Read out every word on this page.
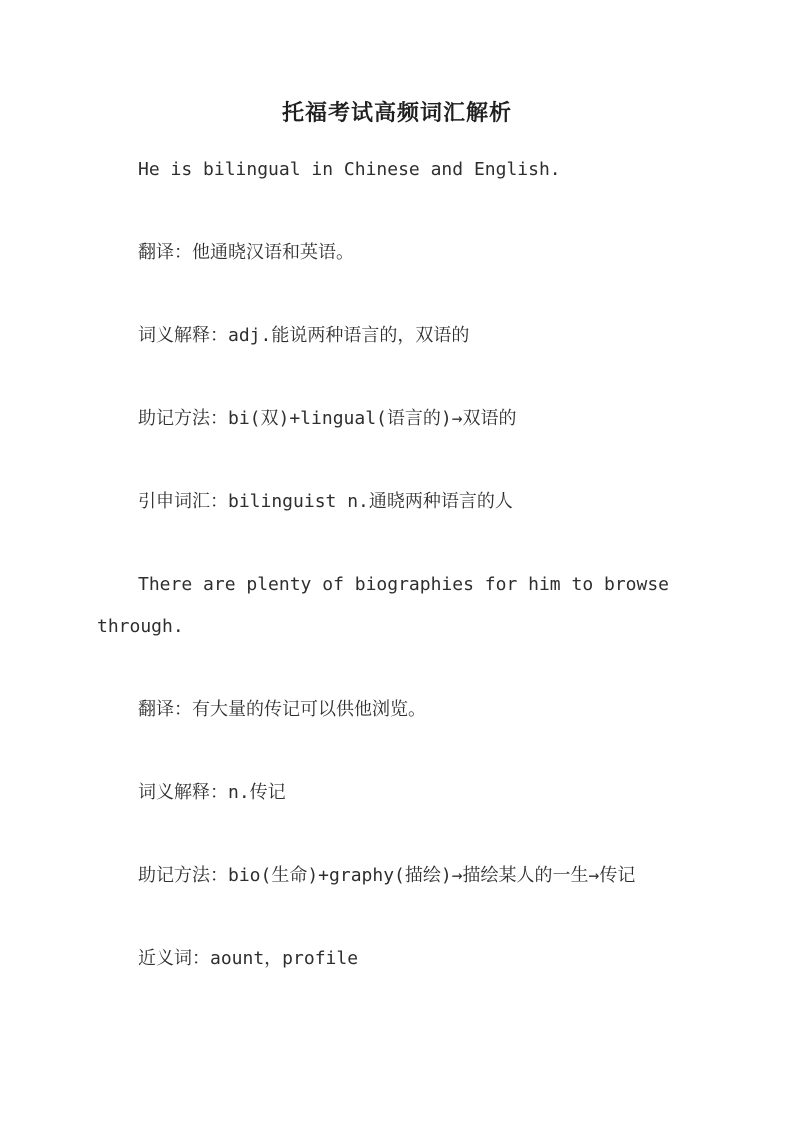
托福考试高频词汇解析

He is bilingual in Chinese and English.

翻译：他通晓汉语和英语。

词义解释：adj.能说两种语言的，双语的

助记方法：bi(双)+lingual(语言的)→双语的

引申词汇：bilinguist n.通晓两种语言的人

There are plenty of biographies for him to browse through.

翻译：有大量的传记可以供他浏览。

词义解释：n.传记

助记方法：bio(生命)+graphy(描绘)→描绘某人的一生→传记

近义词：aount，profile
